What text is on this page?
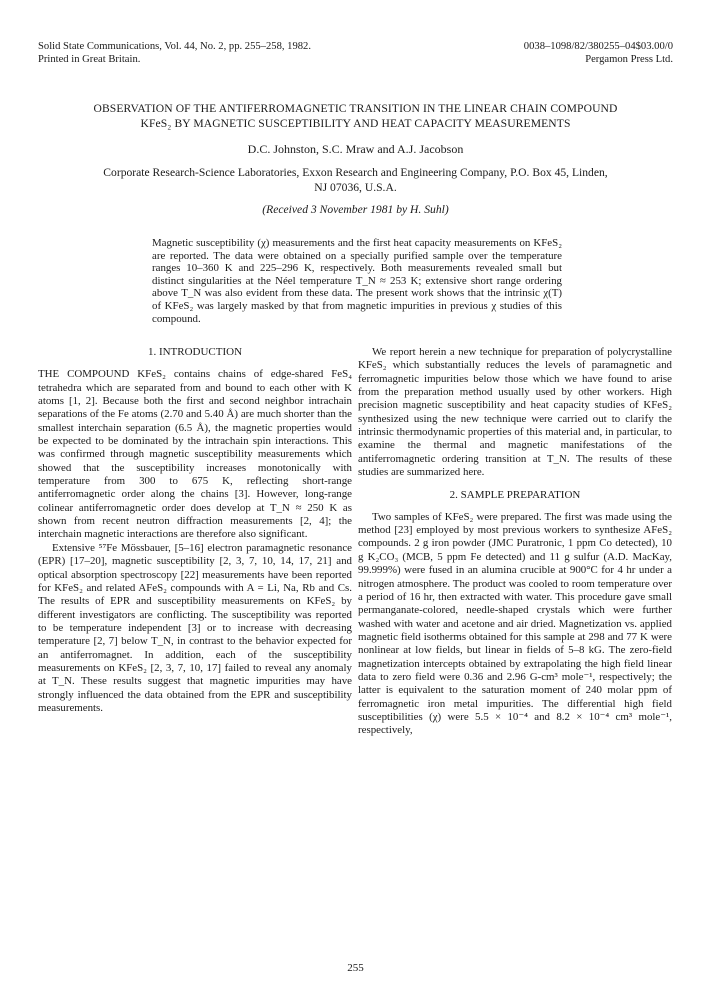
Solid State Communications, Vol. 44, No. 2, pp. 255–258, 1982.
Printed in Great Britain.
0038–1098/82/380255–04$03.00/0
Pergamon Press Ltd.
OBSERVATION OF THE ANTIFERROMAGNETIC TRANSITION IN THE LINEAR CHAIN COMPOUND
KFeS₂ BY MAGNETIC SUSCEPTIBILITY AND HEAT CAPACITY MEASUREMENTS
D.C. Johnston, S.C. Mraw and A.J. Jacobson
Corporate Research-Science Laboratories, Exxon Research and Engineering Company, P.O. Box 45, Linden,
NJ 07036, U.S.A.
(Received 3 November 1981 by H. Suhl)

Magnetic susceptibility (χ) measurements and the first heat capacity measurements on KFeS₂ are reported. The data were obtained on a specially purified sample over the temperature ranges 10–360 K and 225–296 K, respectively. Both measurements revealed small but distinct singularities at the Néel temperature T_N ≈ 253 K; extensive short range ordering above T_N was also evident from these data. The present work shows that the intrinsic χ(T) of KFeS₂ was largely masked by that from magnetic impurities in previous χ studies of this compound.

1. INTRODUCTION

THE COMPOUND KFeS₂ contains chains of edge-shared FeS₄ tetrahedra which are separated from and bound to each other with K atoms [1, 2]. Because both the first and second neighbor intrachain separations of the Fe atoms (2.70 and 5.40 Å) are much shorter than the smallest interchain separation (6.5 Å), the magnetic properties would be expected to be dominated by the intrachain spin interactions. This was confirmed through magnetic susceptibility measurements which showed that the susceptibility increases monotonically with temperature from 300 to 675 K, reflecting short-range antiferromagnetic order along the chains [3]. However, long-range colinear antiferromagnetic order does develop at T_N ≈ 250 K as shown from recent neutron diffraction measurements [2, 4]; the interchain magnetic interactions are therefore also significant.

Extensive ⁵⁷Fe Mössbauer, [5–16] electron paramagnetic resonance (EPR) [17–20], magnetic susceptibility [2, 3, 7, 10, 14, 17, 21] and optical absorption spectroscopy [22] measurements have been reported for KFeS₂ and related AFeS₂ compounds with A = Li, Na, Rb and Cs. The results of EPR and susceptibility measurements on KFeS₂ by different investigators are conflicting. The susceptibility was reported to be temperature independent [3] or to increase with decreasing temperature [2, 7] below T_N, in contrast to the behavior expected for an antiferromagnet. In addition, each of the susceptibility measurements on KFeS₂ [2, 3, 7, 10, 17] failed to reveal any anomaly at T_N. These results suggest that magnetic impurities may have strongly influenced the data obtained from the EPR and susceptibility measurements.

We report herein a new technique for preparation of polycrystalline KFeS₂ which substantially reduces the levels of paramagnetic and ferromagnetic impurities below those which we have found to arise from the preparation method usually used by other workers. High precision magnetic susceptibility and heat capacity studies of KFeS₂ synthesized using the new technique were carried out to clarify the intrinsic thermodynamic properties of this material and, in particular, to examine the thermal and magnetic manifestations of the antiferromagnetic ordering transition at T_N. The results of these studies are summarized here.

2. SAMPLE PREPARATION

Two samples of KFeS₂ were prepared. The first was made using the method [23] employed by most previous workers to synthesize AFeS₂ compounds. 2 g iron powder (JMC Puratronic, 1 ppm Co detected), 10 g K₂CO₃ (MCB, 5 ppm Fe detected) and 11 g sulfur (A.D. MacKay, 99.999%) were fused in an alumina crucible at 900°C for 4 hr under a nitrogen atmosphere. The product was cooled to room temperature over a period of 16 hr, then extracted with water. This procedure gave small permanganate-colored, needle-shaped crystals which were further washed with water and acetone and air dried. Magnetization vs. applied magnetic field isotherms obtained for this sample at 298 and 77 K were nonlinear at low fields, but linear in fields of 5–8 kG. The zero-field magnetization intercepts obtained by extrapolating the high field linear data to zero field were 0.36 and 2.96 G-cm³ mole⁻¹, respectively; the latter is equivalent to the saturation moment of 240 molar ppm of ferromagnetic iron metal impurities. The differential high field susceptibilities (χ) were 5.5 × 10⁻⁴ and 8.2 × 10⁻⁴ cm³ mole⁻¹, respectively,

255
